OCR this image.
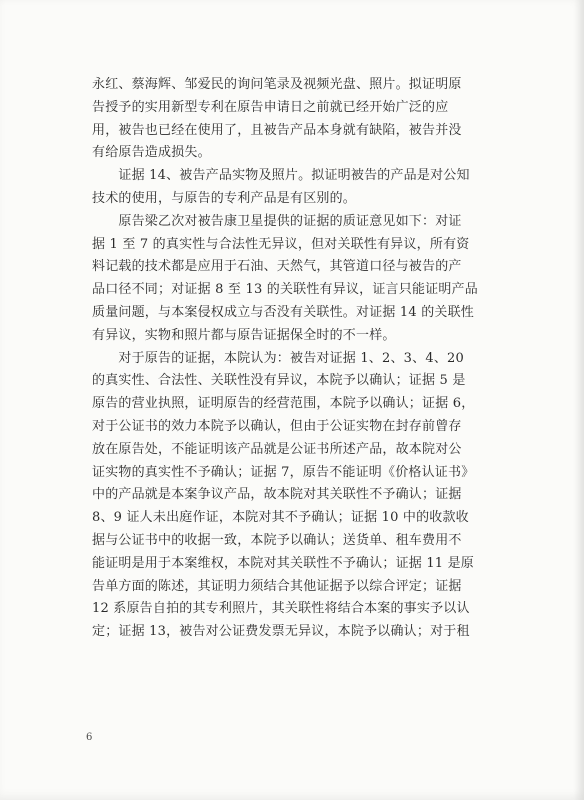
永红、蔡海辉、邹爱民的询问笔录及视频光盘、照片。拟证明原
告授予的实用新型专利在原告申请日之前就已经开始广泛的应
用，被告也已经在使用了，且被告产品本身就有缺陷，被告并没
有给原告造成损失。

　　证据 14、被告产品实物及照片。拟证明被告的产品是对公知
技术的使用，与原告的专利产品是有区别的。

　　原告梁乙次对被告康卫星提供的证据的质证意见如下：对证
据 1 至 7 的真实性与合法性无异议，但对关联性有异议，所有资
料记载的技术都是应用于石油、天然气，其管道口径与被告的产
品口径不同；对证据 8 至 13 的关联性有异议，证言只能证明产品
质量问题，与本案侵权成立与否没有关联性。对证据 14 的关联性
有异议，实物和照片都与原告证据保全时的不一样。

　　对于原告的证据，本院认为：被告对证据 1、2、3、4、20
的真实性、合法性、关联性没有异议，本院予以确认；证据 5 是
原告的营业执照，证明原告的经营范围，本院予以确认；证据 6，
对于公证书的效力本院予以确认，但由于公证实物在封存前曾存
放在原告处，不能证明该产品就是公证书所述产品，故本院对公
证实物的真实性不予确认；证据 7，原告不能证明《价格认证书》
中的产品就是本案争议产品，故本院对其关联性不予确认；证据
8、9 证人未出庭作证，本院对其不予确认；证据 10 中的收款收
据与公证书中的收据一致，本院予以确认；送货单、租车费用不
能证明是用于本案维权，本院对其关联性不予确认；证据 11 是原
告单方面的陈述，其证明力须结合其他证据予以综合评定；证据
12 系原告自拍的其专利照片，其关联性将结合本案的事实予以认
定；证据 13，被告对公证费发票无异议，本院予以确认；对于租

6
